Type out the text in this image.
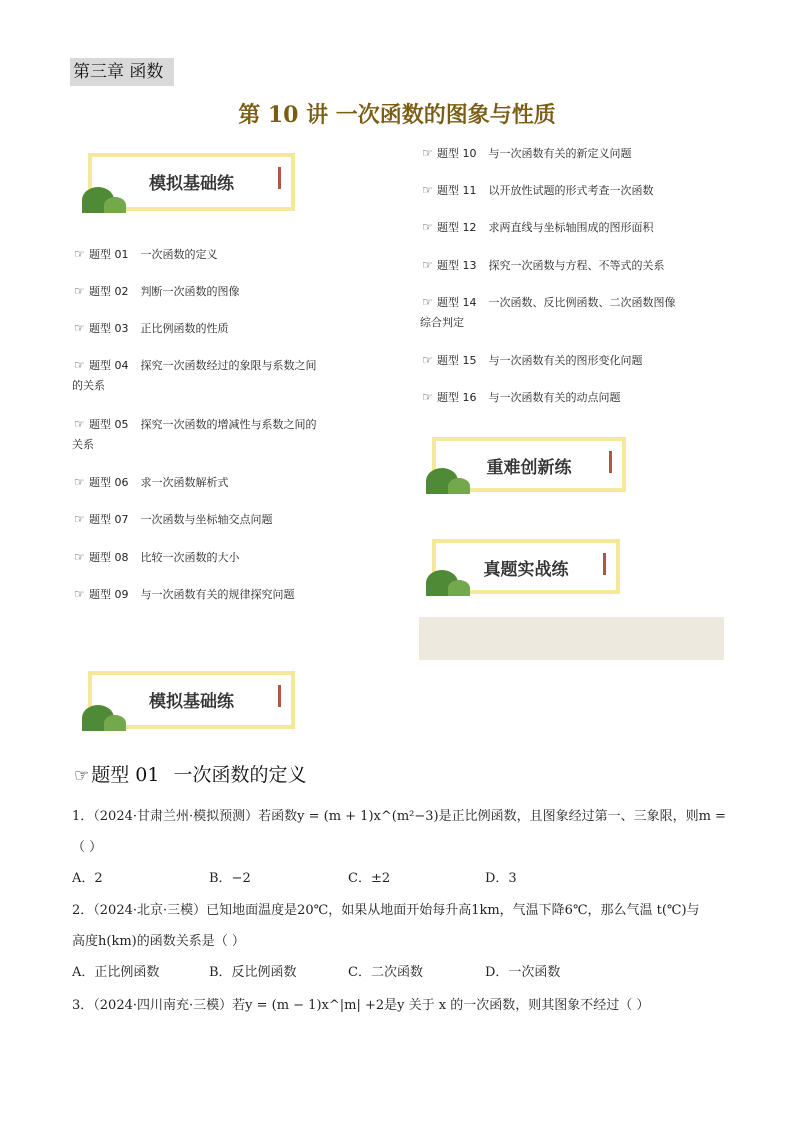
第三章 函数
第 10 讲 一次函数的图象与性质
模拟基础练
☞ 题型 01 一次函数的定义
☞ 题型 02 判断一次函数的图像
☞ 题型 03 正比例函数的性质
☞ 题型 04 探究一次函数经过的象限与系数之间
的关系
☞ 题型 05 探究一次函数的增减性与系数之间的
关系
☞ 题型 06 求一次函数解析式
☞ 题型 07 一次函数与坐标轴交点问题
☞ 题型 08 比较一次函数的大小
☞ 题型 09 与一次函数有关的规律探究问题
☞ 题型 10 与一次函数有关的新定义问题
☞ 题型 11 以开放性试题的形式考查一次函数
☞ 题型 12 求两直线与坐标轴围成的图形面积
☞ 题型 13 探究一次函数与方程、不等式的关系
☞ 题型 14 一次函数、反比例函数、二次函数图像
综合判定
☞ 题型 15 与一次函数有关的图形变化问题
☞ 题型 16 与一次函数有关的动点问题
重难创新练
真题实战练
模拟基础练
☞ 题型 01 一次函数的定义
1．（2024·甘肃兰州·模拟预测）若函数y = (m + 1)x^(m²−3)是正比例函数，且图象经过第一、三象限，则m =
（ ）
A．2	B．−2	C．±2	D．3
2．（2024·北京·三模）已知地面温度是20℃，如果从地面开始每升高1km，气温下降6℃，那么气温 t(℃)与
高度h(km)的函数关系是（ ）
A．正比例函数	B．反比例函数	C．二次函数	D．一次函数
3．（2024·四川南充·三模）若y = (m − 1)x^|m| +2是y 关于 x 的一次函数，则其图象不经过（ ）
